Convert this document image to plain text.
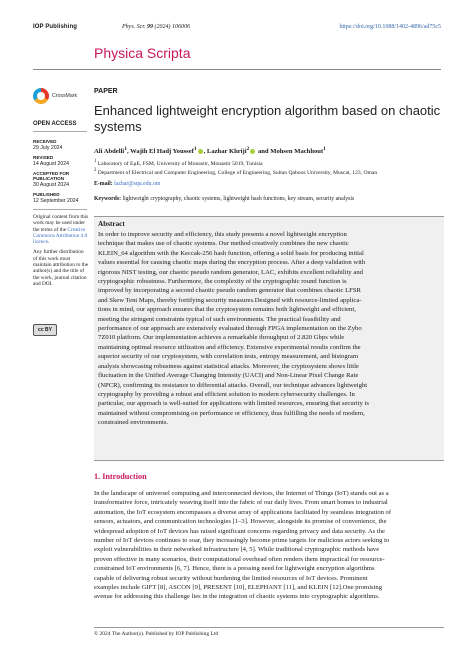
IOP Publishing	Phys. Scr. 99 (2024) 106006	https://doi.org/10.1088/1402-4896/ad75c5
Physica Scripta
CrossMark
OPEN ACCESS
RECEIVED
29 July 2024
REVISED
14 August 2024
ACCEPTED FOR PUBLICATION
30 August 2024
PUBLISHED
12 September 2024
Original content from this work may be used under the terms of the Creative Commons Attribution 4.0 licence.
Any further distribution of this work must maintain attribution to the author(s) and the title of the work, journal citation and DOI.
cc BY
PAPER
Enhanced lightweight encryption algorithm based on chaotic systems
Ali Abdelli$^1$, Wajih El Hadj Youssef$^1$ , Lazhar Khriji$^2$ and Mohsen Machhout$^1$
$^1$ Laboratory of EμE, FSM, University of Monastir, Monastir 5019, Tunisia
$^2$ Department of Electrical and Computer Engineering, College of Engineering, Sultan Qaboos University, Muscat, 123, Oman
E-mail: lazhar@squ.edu.om
Keywords: lightweight cryptography, chaotic systems, lightweight hash functions, key stream, security analysis
Abstract
In order to improve security and efficiency, this study presents a novel lightweight encryption
technique that makes use of chaotic systems. Our method creatively combines the new chaotic
KLEIN_64 algorithm with the Keccak-256 hash function, offering a solid basis for producing initial
values essential for causing chaotic maps during the encryption process. After a deep validation with
rigorous NIST testing, our chaotic pseudo random generator, LAC, exhibits excellent reliability and
cryptographic robustness. Furthermore, the complexity of the cryptographic round function is
improved by incorporating a second chaotic pseudo random generator that combines chaotic LFSR
and Skew Tent Maps, thereby fortifying security measures.Designed with resource-limited applica-
tions in mind, our approach ensures that the cryptosystem remains both lightweight and efficient,
meeting the stringent constraints typical of such environments. The practical feasibility and
performance of our approach are extensively evaluated through FPGA implementation on the Zybo
7Z010 platform. Our implementation achieves a remarkable throughput of 2.820 Gbps while
maintaining optimal resource utilization and efficiency. Extensive experimental results confirm the
superior security of our cryptosystem, with correlation tests, entropy measurement, and histogram
analysis showcasing robustness against statistical attacks. Moreover, the cryptosystem shows little
fluctuation in the Unified Average Changing Intensity (UACI) and Non-Linear Pixel Change Rate
(NPCR), confirming its resistance to differential attacks. Overall, our technique advances lightweight
cryptography by providing a robust and efficient solution to modern cybersecurity challenges. In
particular, our approach is well-suited for applications with limited resources, ensuring that security is
maintained without compromising on performance or efficiency, thus fulfilling the needs of modern,
constrained environments.
1. Introduction
In the landscape of universel computing and interconnected devices, the Internet of Things (IoT) stands out as a
transformative force, intricately weaving itself into the fabric of our daily lives. From smart homes to industrial
automation, the IoT ecosystem encompasses a diverse array of applications facilitated by seamless integration of
sensors, actuators, and communication technologies [1–3]. However, alongside its promise of convenience, the
widespread adoption of IoT devices has raised significant concerns regarding privacy and data security. As the
number of IoT devices continues to soar, they increasingly become prime targets for malicious actors seeking to
exploit vulnerabilities in their networked infrastructure [4, 5]. While traditional cryptographic methods have
proven effective in many scenarios, their computational overhead often renders them impractical for resource-
constrained IoT environments [6, 7]. Hence, there is a pressing need for lightweight encryption algorithms
capable of delivering robust security without burdening the limited resources of IoT devices. Prominent
examples include GIFT [8], ASCON [9], PRESENT [10], ELEPHANT [11], and KLEIN [12].One promising
avenue for addressing this challenge lies in the integration of chaotic systems into cryptographic algorithms.
© 2024 The Author(s). Published by IOP Publishing Ltd
